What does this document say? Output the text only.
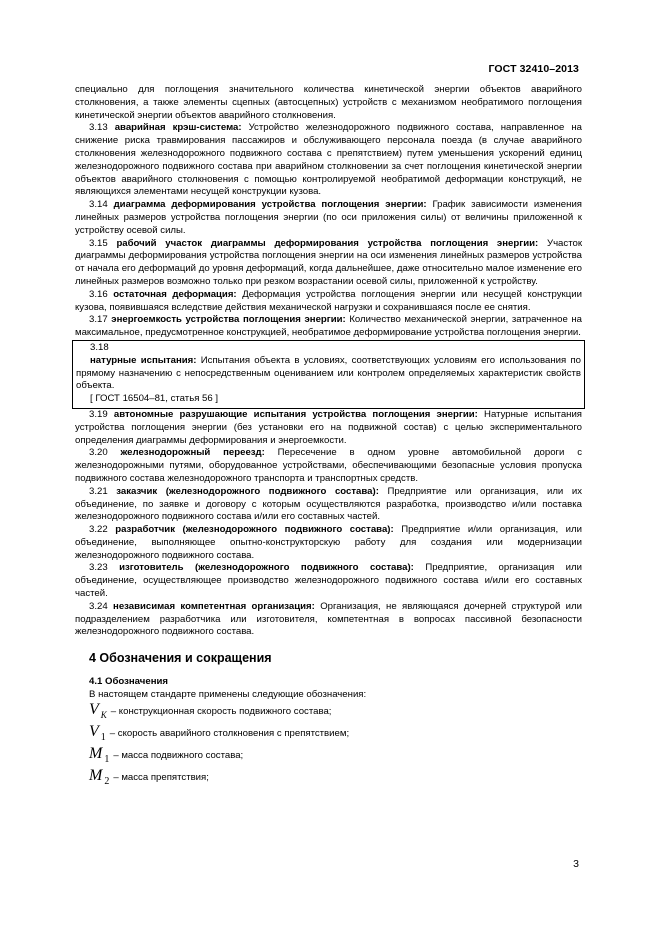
ГОСТ 32410–2013

специально для поглощения значительного количества кинетической энергии объектов аварийного столкновения, а также элементы сцепных (автосцепных) устройств с механизмом необратимого поглощения кинетической энергии объектов аварийного столкновения.

3.13 аварийная крэш-система: Устройство железнодорожного подвижного состава, направленное на снижение риска травмирования пассажиров и обслуживающего персонала поезда (в случае аварийного столкновения железнодорожного подвижного состава с препятствием) путем уменьшения ускорений единиц железнодорожного подвижного состава при аварийном столкновении за счет поглощения кинетической энергии объектов аварийного столкновения с помощью контролируемой необратимой деформации конструкций, не являющихся элементами несущей конструкции кузова.

3.14 диаграмма деформирования устройства поглощения энергии: График зависимости изменения линейных размеров устройства поглощения энергии (по оси приложения силы) от величины приложенной к устройству осевой силы.

3.15 рабочий участок диаграммы деформирования устройства поглощения энергии: Участок диаграммы деформирования устройства поглощения энергии на оси изменения линейных размеров устройства от начала его деформаций до уровня деформаций, когда дальнейшее, даже относительно малое изменение его линейных размеров возможно только при резком возрастании осевой силы, приложенной к устройству.

3.16 остаточная деформация: Деформация устройства поглощения энергии или несущей конструкции кузова, появившаяся вследствие действия механической нагрузки и сохранившаяся после ее снятия.

3.17 энергоемкость устройства поглощения энергии: Количество механической энергии, затраченное на максимальное, предусмотренное конструкцией, необратимое деформирование устройства поглощения энергии.

3.18

натурные испытания: Испытания объекта в условиях, соответствующих условиям его использования по прямому назначению с непосредственным оцениванием или контролем определяемых характеристик свойств объекта.

[ ГОСТ 16504–81, статья 56 ]

3.19 автономные разрушающие испытания устройства поглощения энергии: Натурные испытания устройства поглощения энергии (без установки его на подвижной состав) с целью экспериментального определения диаграммы деформирования и энергоемкости.

3.20 железнодорожный переезд: Пересечение в одном уровне автомобильной дороги с железнодорожными путями, оборудованное устройствами, обеспечивающими безопасные условия пропуска подвижного состава железнодорожного транспорта и транспортных средств.

3.21 заказчик (железнодорожного подвижного состава): Предприятие или организация, или их объединение, по заявке и договору с которым осуществляются разработка, производство и/или поставка железнодорожного подвижного состава и/или его составных частей.

3.22 разработчик (железнодорожного подвижного состава): Предприятие и/или организация, или объединение, выполняющее опытно-конструкторскую работу для создания или модернизации железнодорожного подвижного состава.

3.23 изготовитель (железнодорожного подвижного состава): Предприятие, организация или объединение, осуществляющее производство железнодорожного подвижного состава и/или его составных частей.

3.24 независимая компетентная организация: Организация, не являющаяся дочерней структурой или подразделением разработчика или изготовителя, компетентная в вопросах пассивной безопасности железнодорожного подвижного состава.

4 Обозначения и сокращения
4.1 Обозначения
В настоящем стандарте применены следующие обозначения:
V K – конструкционная скорость подвижного состава;
V 1 – скорость аварийного столкновения с препятствием;
M 1 – масса подвижного состава;
M 2 – масса препятствия;
3
